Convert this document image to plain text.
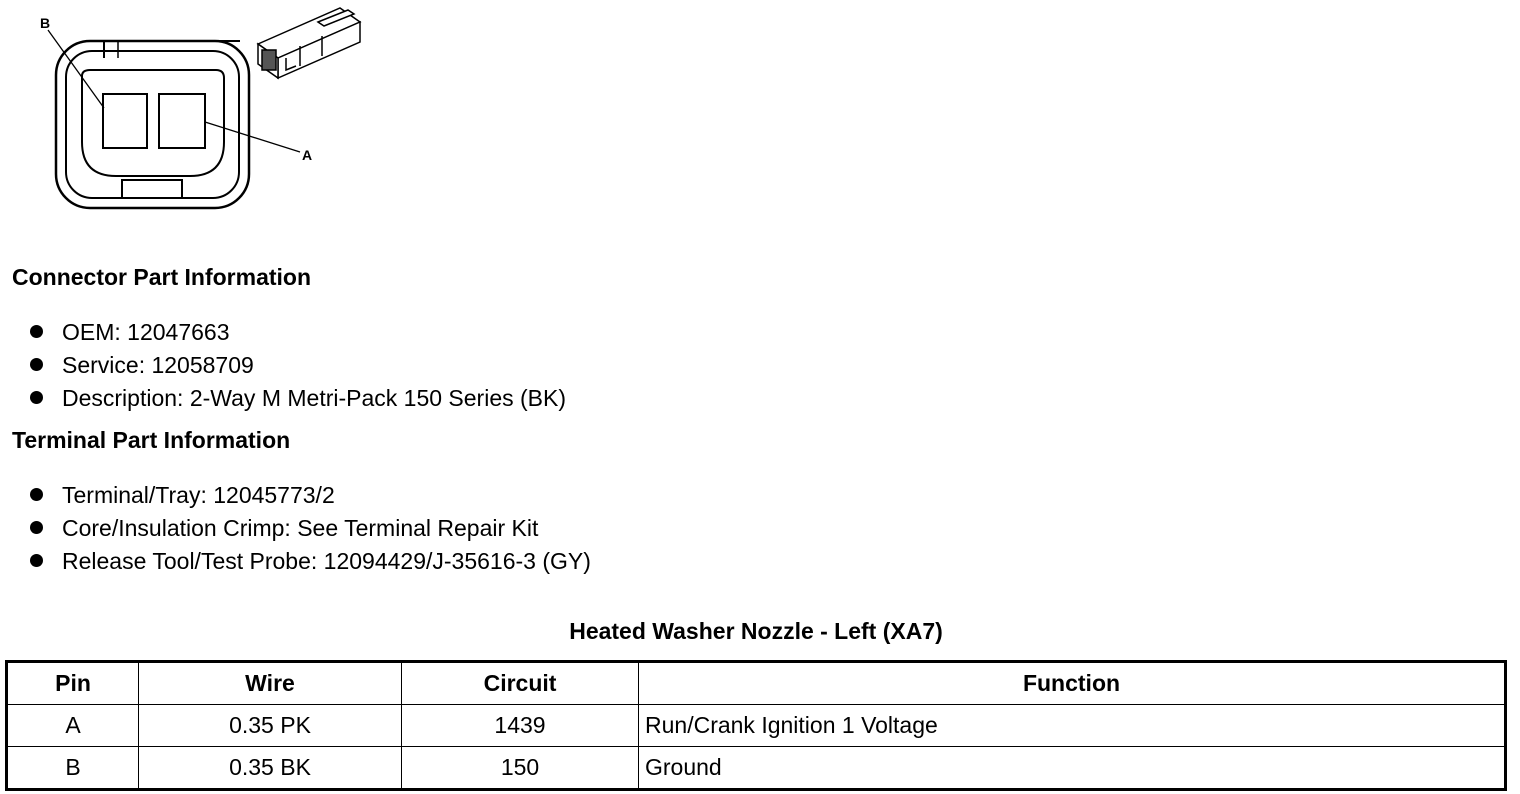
B
A
Connector Part Information
OEM: 12047663
Service: 12058709
Description: 2-Way M Metri-Pack 150 Series (BK)
Terminal Part Information
Terminal/Tray: 12045773/2
Core/Insulation Crimp: See Terminal Repair Kit
Release Tool/Test Probe: 12094429/J-35616-3 (GY)
Heated Washer Nozzle - Left (XA7)
Pin	Wire	Circuit	Function
A	0.35 PK	1439	Run/Crank Ignition 1 Voltage
B	0.35 BK	150	Ground
